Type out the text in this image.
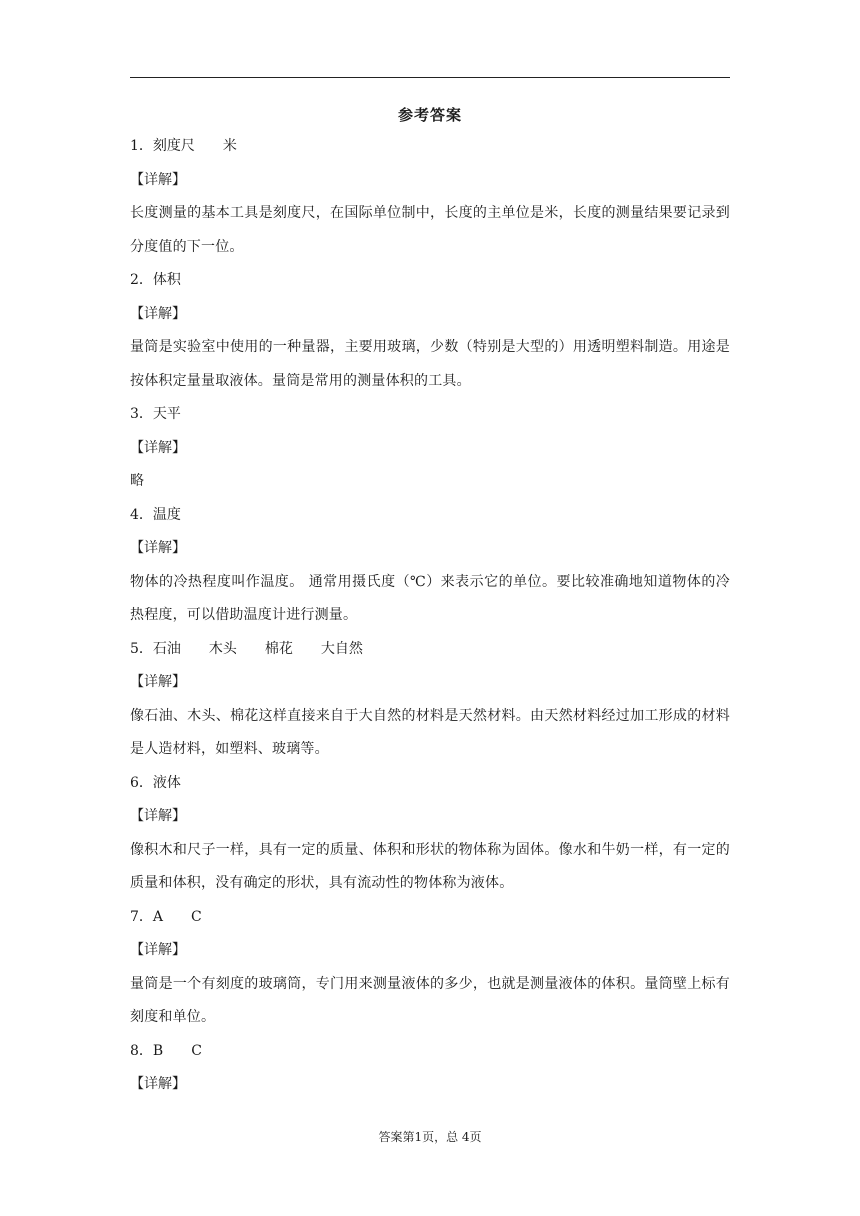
参考答案

1．刻度尺 米

【详解】

长度测量的基本工具是刻度尺，在国际单位制中，长度的主单位是米，长度的测量结果要记录到分度值的下一位。

2．体积

【详解】

量筒是实验室中使用的一种量器，主要用玻璃，少数（特别是大型的）用透明塑料制造。用途是按体积定量量取液体。量筒是常用的测量体积的工具。

3．天平

【详解】

略

4．温度

【详解】

物体的冷热程度叫作温度。 通常用摄氏度（℃）来表示它的单位。要比较准确地知道物体的冷热程度，可以借助温度计进行测量。

5．石油 木头 棉花 大自然

【详解】

像石油、木头、棉花这样直接来自于大自然的材料是天然材料。由天然材料经过加工形成的材料是人造材料，如塑料、玻璃等。

6．液体

【详解】

像积木和尺子一样，具有一定的质量、体积和形状的物体称为固体。像水和牛奶一样，有一定的质量和体积，没有确定的形状，具有流动性的物体称为液体。

7．A C

【详解】

量筒是一个有刻度的玻璃筒，专门用来测量液体的多少，也就是测量液体的体积。量筒壁上标有刻度和单位。

8．B C

【详解】

答案第1页，总 4页
